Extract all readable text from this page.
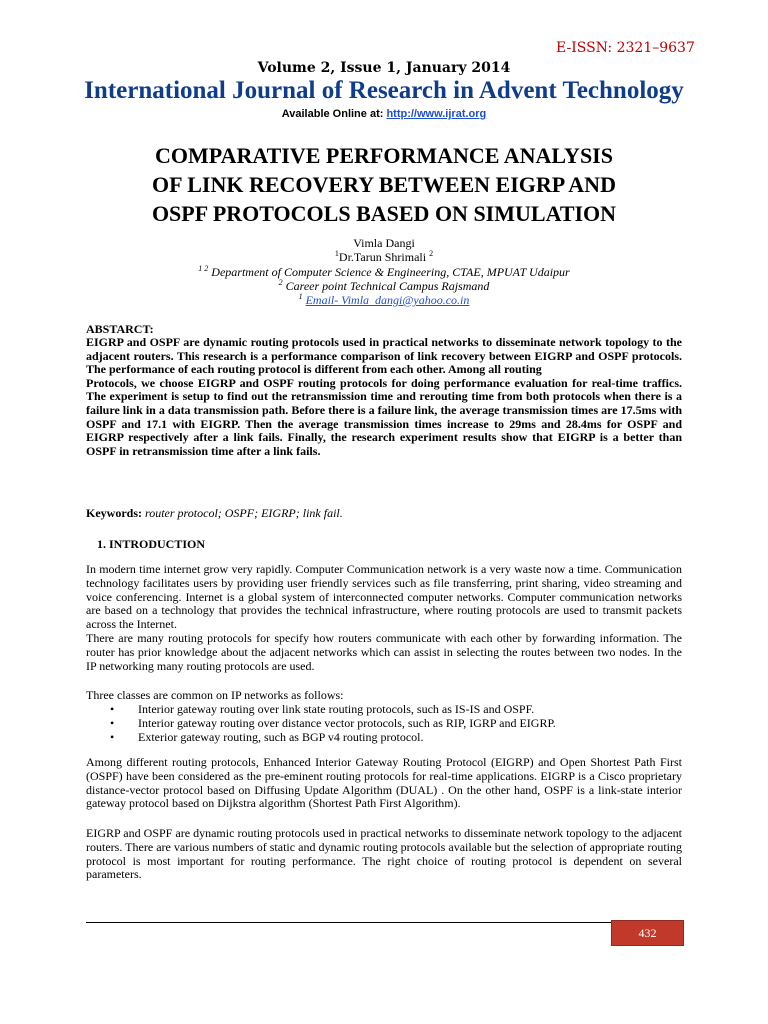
E-ISSN: 2321–9637
Volume 2, Issue 1, January 2014
International Journal of Research in Advent Technology
Available Online at: http://www.ijrat.org
COMPARATIVE PERFORMANCE ANALYSIS
OF LINK RECOVERY BETWEEN EIGRP AND
OSPF PROTOCOLS BASED ON SIMULATION
Vimla Dangi
$^1$Dr.Tarun Shrimali $^2$
$^{1 2}$ Department of Computer Science & Engineering, CTAE, MPUAT Udaipur
$^2$ Career point Technical Campus Rajsmand
$^1$ Email- Vimla_dangi@yahoo.co.in
ABSTARCT:

EIGRP and OSPF are dynamic routing protocols used in practical networks to disseminate network topology to the adjacent routers. This research is a performance comparison of link recovery between EIGRP and OSPF protocols. The performance of each routing protocol is different from each other. Among all routing

Protocols, we choose EIGRP and OSPF routing protocols for doing performance evaluation for real-time traffics. The experiment is setup to find out the retransmission time and rerouting time from both protocols when there is a failure link in a data transmission path. Before there is a failure link, the average transmission times are 17.5ms with OSPF and 17.1 with EIGRP. Then the average transmission times increase to 29ms and 28.4ms for OSPF and EIGRP respectively after a link fails. Finally, the research experiment results show that EIGRP is a better than OSPF in retransmission time after a link fails.

Keywords: router protocol; OSPF; EIGRP; link fail.
1. INTRODUCTION

In modern time internet grow very rapidly. Computer Communication network is a very waste now a time. Communication technology facilitates users by providing user friendly services such as file transferring, print sharing, video streaming and voice conferencing. Internet is a global system of interconnected computer networks. Computer communication networks are based on a technology that provides the technical infrastructure, where routing protocols are used to transmit packets across the Internet.

There are many routing protocols for specify how routers communicate with each other by forwarding information. The router has prior knowledge about the adjacent networks which can assist in selecting the routes between two nodes. In the IP networking many routing protocols are used.

Three classes are common on IP networks as follows:
•	Interior gateway routing over link state routing protocols, such as IS-IS and OSPF.
•	Interior gateway routing over distance vector protocols, such as RIP, IGRP and EIGRP.
•	Exterior gateway routing, such as BGP v4 routing protocol.
Among different routing protocols, Enhanced Interior Gateway Routing Protocol (EIGRP) and Open Shortest Path First (OSPF) have been considered as the pre-eminent routing protocols for real-time applications. EIGRP is a Cisco proprietary distance-vector protocol based on Diffusing Update Algorithm (DUAL) . On the other hand, OSPF is a link-state interior gateway protocol based on Dijkstra algorithm (Shortest Path First Algorithm).
EIGRP and OSPF are dynamic routing protocols used in practical networks to disseminate network topology to the adjacent routers. There are various numbers of static and dynamic routing protocols available but the selection of appropriate routing protocol is most important for routing performance. The right choice of routing protocol is dependent on several parameters.
432
